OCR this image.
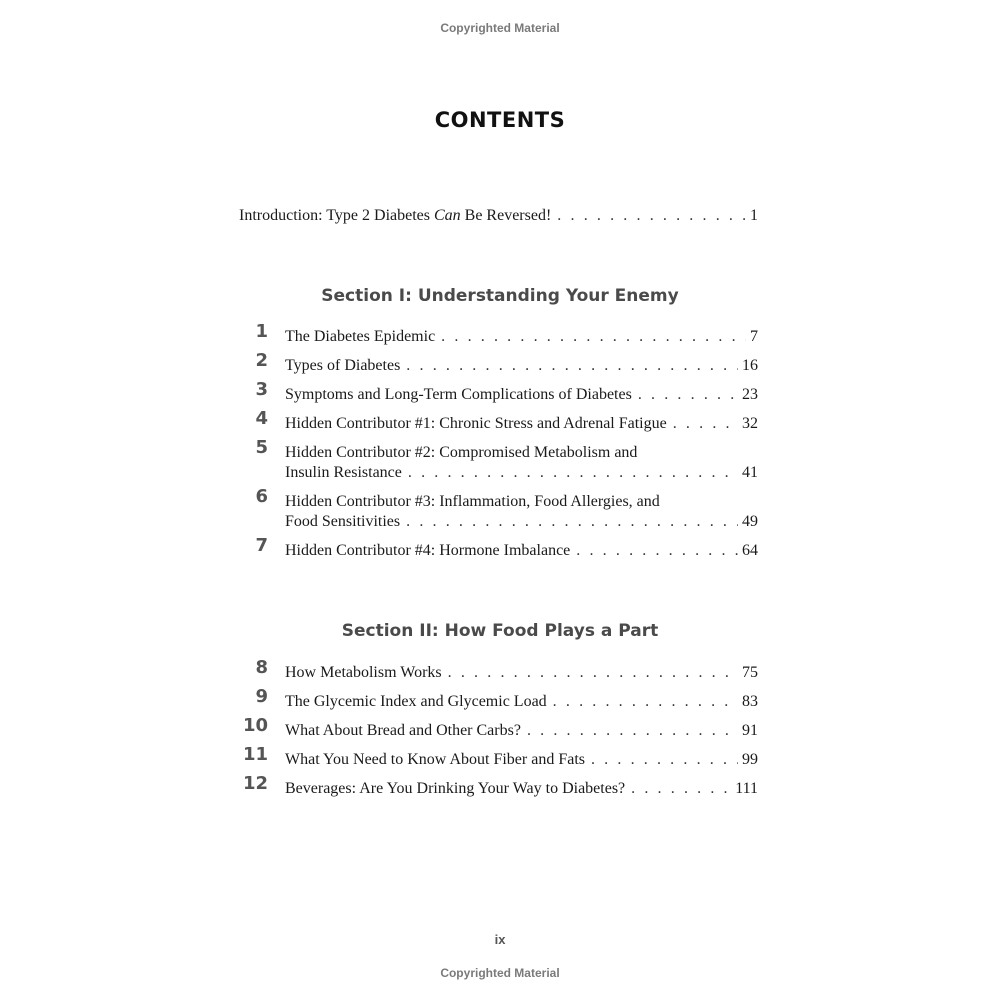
Copyrighted Material
CONTENTS
Introduction: Type 2 Diabetes Can Be Reversed! . . .	1
Section I: Understanding Your Enemy
1 The Diabetes Epidemic . . .	7
2 Types of Diabetes . . .	16
3 Symptoms and Long-Term Complications of Diabetes . . .	23
4 Hidden Contributor #1: Chronic Stress and Adrenal Fatigue . . .	32
5 Hidden Contributor #2: Compromised Metabolism and
Insulin Resistance . . .	41
6 Hidden Contributor #3: Inflammation, Food Allergies, and
Food Sensitivities . . .	49
7 Hidden Contributor #4: Hormone Imbalance . . .	64
Section II: How Food Plays a Part
8 How Metabolism Works . . .	75
9 The Glycemic Index and Glycemic Load . . .	83
10 What About Bread and Other Carbs? . . .	91
11 What You Need to Know About Fiber and Fats . . .	99
12 Beverages: Are You Drinking Your Way to Diabetes? . . .	111
ix
Copyrighted Material
